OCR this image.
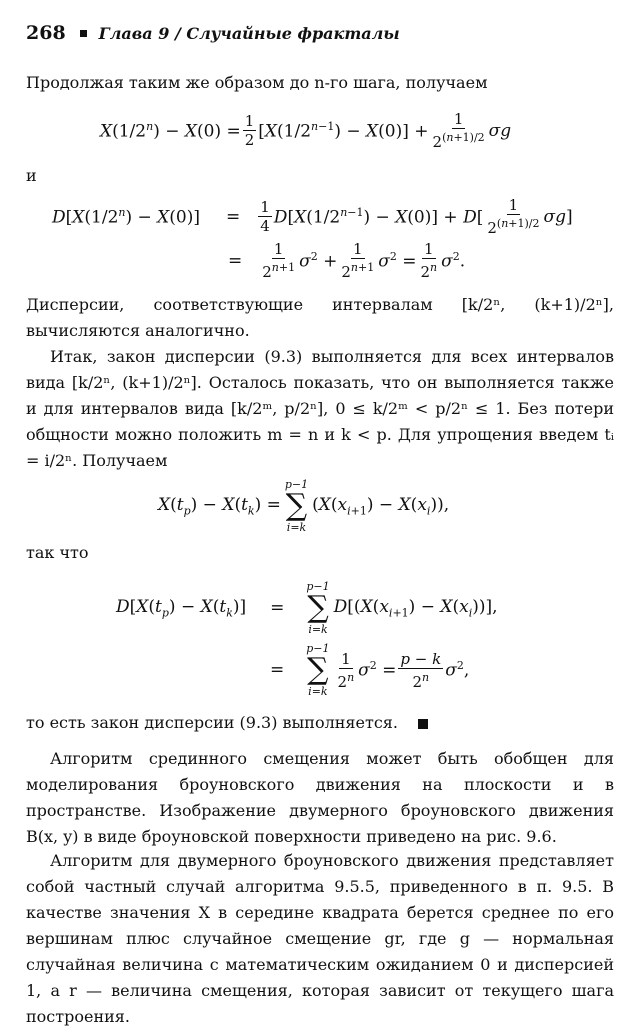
268 Глава 9 / Случайные фракталы
Продолжая таким же образом до n-го шага, получаем
$X(1/2^n) - X(0) = \frac{1}{2} [X(1/2^{n-1}) - X(0)] + \frac{1}{2^{(n+1)/2}}$ σg
и
$D[X(1/2^n) - X(0)] = \frac{1}{4} D[X(1/2^{n-1}) - X(0)] + D[ \frac{1}{2^{(n+1)/2}} \sigma g]$
= $\frac{1}{2^{n+1}} \sigma^2 + \frac{1}{2^{n+1}} \sigma^2 = \frac{1}{2^n} \sigma^2$.
Дисперсии, соответствующие интервалам [k/2ⁿ, (k+1)/2ⁿ], вычисляются аналогично.
Итак, закон дисперсии (9.3) выполняется для всех интервалов вида [k/2ⁿ, (k+1)/2ⁿ]. Осталось показать, что он выполняется также и для интервалов вида [k/2ᵐ, p/2ⁿ], 0 ≤ k/2ᵐ < p/2ⁿ ≤ 1. Без потери общности можно положить m = n и k < p. Для упрощения введем tᵢ = i/2ⁿ. Получаем
$X(t_p) - X(t_k)$ =
p−1
∑
i=k
$(X(x_{i+1}) - X(x_i))$,
так что
$D[X(t_p) - X(t_k)]$ =
p−1
∑
i=k
$D[(X(x_{i+1}) - X(x_i))]$,
=
p−1
∑
i=k
$\frac{1}{2^n} \sigma^2 = \frac{p - k}{2^n} \sigma^2$,
то есть закон дисперсии (9.3) выполняется.
Алгоритм срединного смещения может быть обобщен для моделирования броуновского движения на плоскости и в пространстве. Изображение двумерного броуновского движения B(x, y) в виде броуновской поверхности приведено на рис. 9.6.
Алгоритм для двумерного броуновского движения представляет собой частный случай алгоритма 9.5.5, приведенного в п. 9.5. В качестве значения X в середине квадрата берется среднее по его вершинам плюс случайное смещение gr, где g — нормальная случайная величина с математическим ожиданием 0 и дисперсией 1, а r — величина смещения, которая зависит от текущего шага построения.
